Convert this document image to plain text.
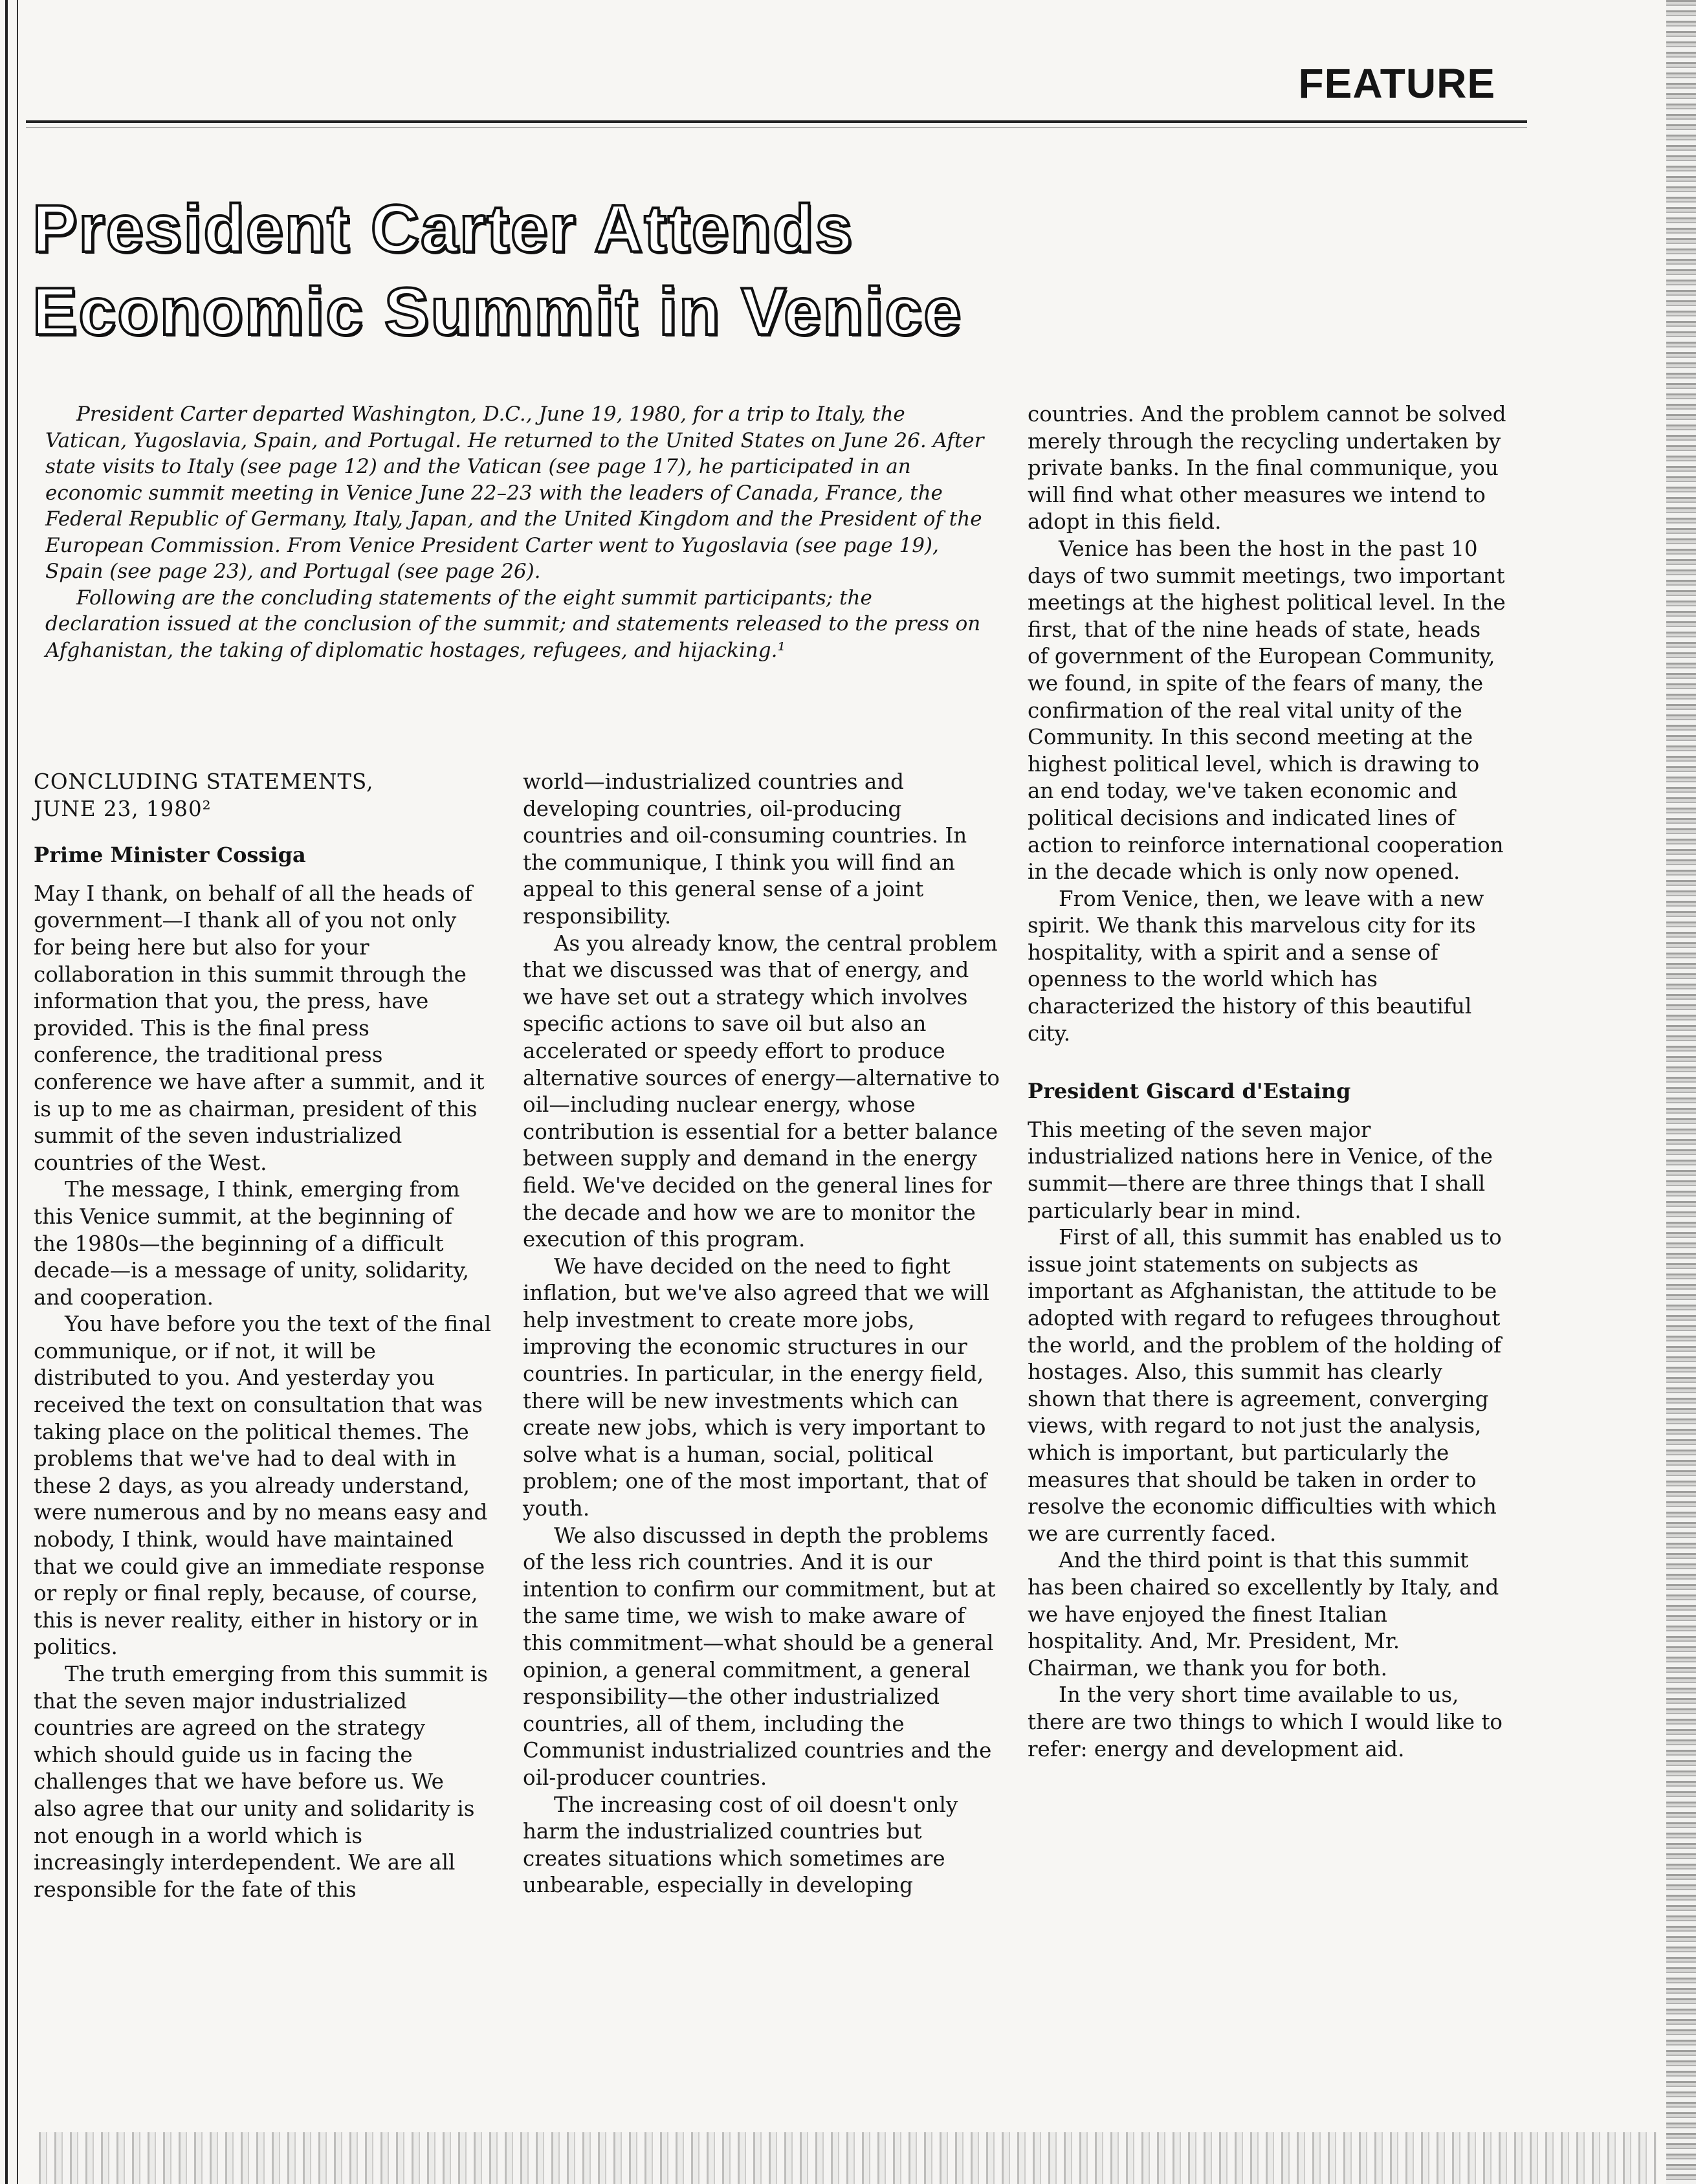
FEATURE
President Carter Attends
Economic Summit in Venice

President Carter departed Washington, D.C., June 19, 1980, for a trip to Italy, the Vatican, Yugoslavia, Spain, and Portugal. He returned to the United States on June 26. After state visits to Italy (see page 12) and the Vatican (see page 17), he participated in an economic summit meeting in Venice June 22–23 with the leaders of Canada, France, the Federal Republic of Germany, Italy, Japan, and the United Kingdom and the President of the European Commission. From Venice President Carter went to Yugoslavia (see page 19), Spain (see page 23), and Portugal (see page 26).

Following are the concluding statements of the eight summit participants; the declaration issued at the conclusion of the summit; and statements released to the press on Afghanistan, the taking of diplomatic hostages, refugees, and hijacking.¹

CONCLUDING STATEMENTS,
JUNE 23, 1980²
Prime Minister Cossiga

May I thank, on behalf of all the heads of government—I thank all of you not only for being here but also for your collaboration in this summit through the information that you, the press, have provided. This is the final press conference, the traditional press conference we have after a summit, and it is up to me as chairman, president of this summit of the seven industrialized countries of the West.

The message, I think, emerging from this Venice summit, at the beginning of the 1980s—the beginning of a difficult decade—is a message of unity, solidarity, and cooperation.

You have before you the text of the final communique, or if not, it will be distributed to you. And yesterday you received the text on consultation that was taking place on the political themes. The problems that we've had to deal with in these 2 days, as you already understand, were numerous and by no means easy and nobody, I think, would have maintained that we could give an immediate response or reply or final reply, because, of course, this is never reality, either in history or in politics.

The truth emerging from this summit is that the seven major industrialized countries are agreed on the strategy which should guide us in facing the challenges that we have before us. We also agree that our unity and solidarity is not enough in a world which is increasingly interdependent. We are all responsible for the fate of this

world—industrialized countries and developing countries, oil-producing countries and oil-consuming countries. In the communique, I think you will find an appeal to this general sense of a joint responsibility.

As you already know, the central problem that we discussed was that of energy, and we have set out a strategy which involves specific actions to save oil but also an accelerated or speedy effort to produce alternative sources of energy—alternative to oil—including nuclear energy, whose contribution is essential for a better balance between supply and demand in the energy field. We've decided on the general lines for the decade and how we are to monitor the execution of this program.

We have decided on the need to fight inflation, but we've also agreed that we will help investment to create more jobs, improving the economic structures in our countries. In particular, in the energy field, there will be new investments which can create new jobs, which is very important to solve what is a human, social, political problem; one of the most important, that of youth.

We also discussed in depth the problems of the less rich countries. And it is our intention to confirm our commitment, but at the same time, we wish to make aware of this commitment—what should be a general opinion, a general commitment, a general responsibility—the other industrialized countries, all of them, including the Communist industrialized countries and the oil-producer countries.

The increasing cost of oil doesn't only harm the industrialized countries but creates situations which sometimes are unbearable, especially in developing

countries. And the problem cannot be solved merely through the recycling undertaken by private banks. In the final communique, you will find what other measures we intend to adopt in this field.

Venice has been the host in the past 10 days of two summit meetings, two important meetings at the highest political level. In the first, that of the nine heads of state, heads of government of the European Community, we found, in spite of the fears of many, the confirmation of the real vital unity of the Community. In this second meeting at the highest political level, which is drawing to an end today, we've taken economic and political decisions and indicated lines of action to reinforce international cooperation in the decade which is only now opened.

From Venice, then, we leave with a new spirit. We thank this marvelous city for its hospitality, with a spirit and a sense of openness to the world which has characterized the history of this beautiful city.

President Giscard d'Estaing

This meeting of the seven major industrialized nations here in Venice, of the summit—there are three things that I shall particularly bear in mind.

First of all, this summit has enabled us to issue joint statements on subjects as important as Afghanistan, the attitude to be adopted with regard to refugees throughout the world, and the problem of the holding of hostages. Also, this summit has clearly shown that there is agreement, converging views, with regard to not just the analysis, which is important, but particularly the measures that should be taken in order to resolve the economic difficulties with which we are currently faced.

And the third point is that this summit has been chaired so excellently by Italy, and we have enjoyed the finest Italian hospitality. And, Mr. President, Mr. Chairman, we thank you for both.

In the very short time available to us, there are two things to which I would like to refer: energy and development aid.
